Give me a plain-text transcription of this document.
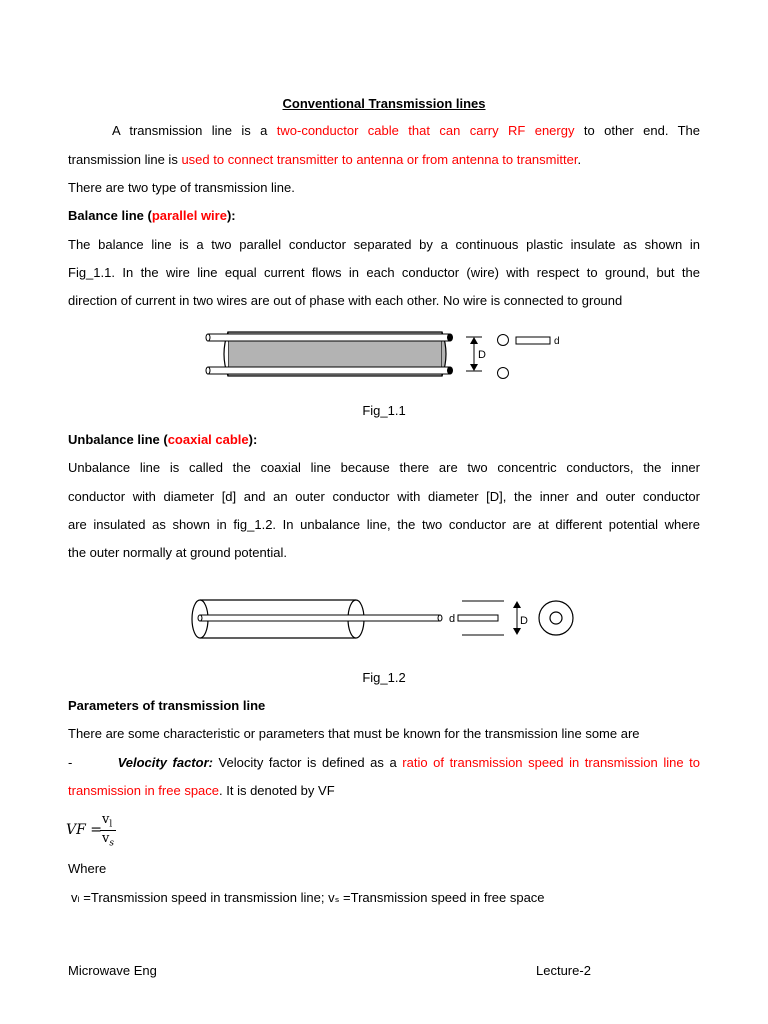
Conventional Transmission lines
A transmission line is a two-conductor cable that can carry RF energy to other end. The
transmission line is used to connect transmitter to antenna or from antenna to transmitter.
There are two type of transmission line.
Balance line (parallel wire):
The balance line is a two parallel conductor separated by a continuous plastic insulate as shown in
Fig_1.1. In the wire line equal current flows in each conductor (wire) with respect to ground, but the
direction of current in two wires are out of phase with each other. No wire is connected to ground
D
d
Fig_1.1
Unbalance line (coaxial cable):
Unbalance line is called the coaxial line because there are two concentric conductors, the inner
conductor with diameter [d] and an outer conductor with diameter [D], the inner and outer conductor
are insulated as shown in fig_1.2. In unbalance line, the two conductor are at different potential where
the outer normally at ground potential.
d	D
Fig_1.2
Parameters of transmission line
There are some characteristic or parameters that must be known for the transmission line some are
-	Velocity factor: Velocity factor is defined as a ratio of transmission speed in transmission line to
transmission in free space. It is denoted by VF
VF =
$v_l$
$v_s$
Where
vₗ =Transmission speed in transmission line; vₛ =Transmission speed in free space
Microwave Eng	Lecture-2
